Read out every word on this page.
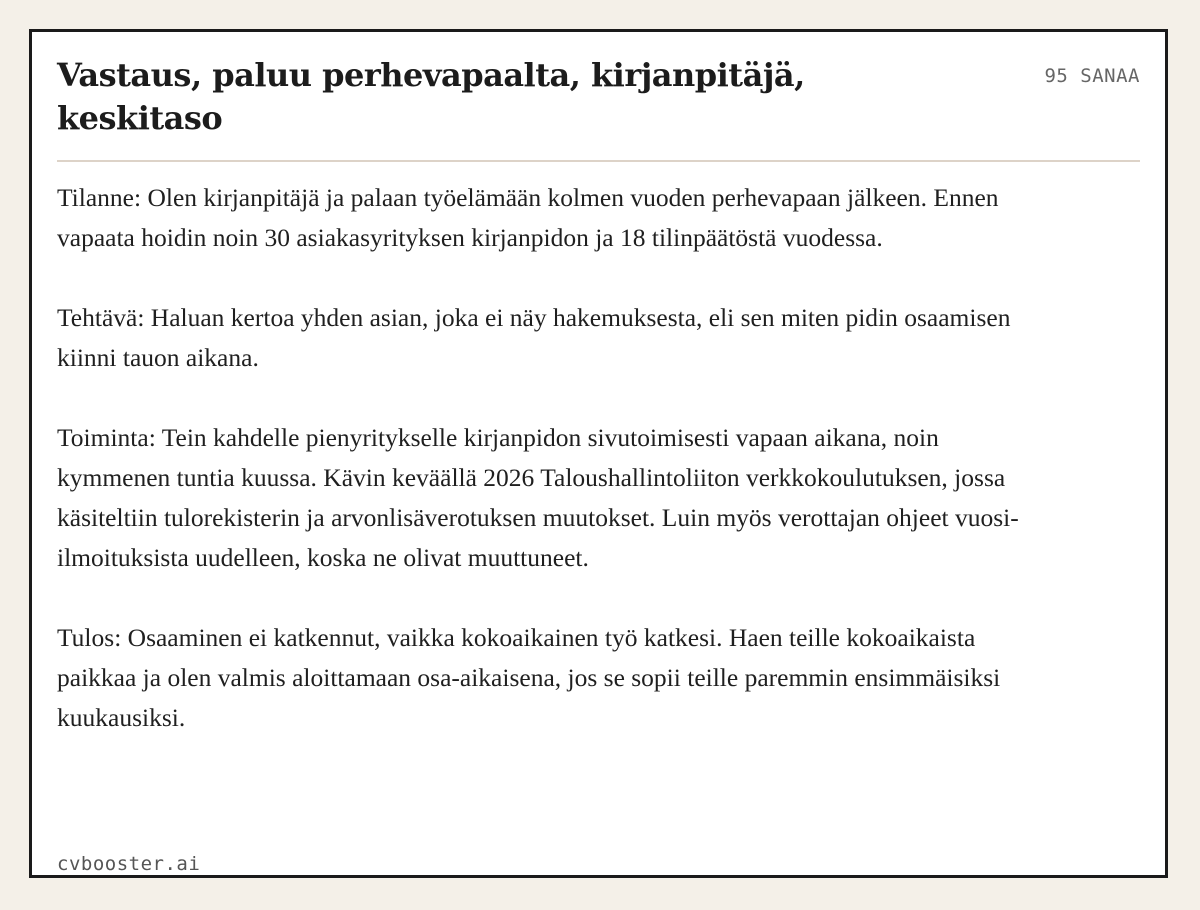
Vastaus, paluu perhevapaalta, kirjanpitäjä, keskitaso
95 SANAA

Tilanne: Olen kirjanpitäjä ja palaan työelämään kolmen vuoden perhevapaan jälkeen. Ennen vapaata hoidin noin 30 asiakasyrityksen kirjanpidon ja 18 tilinpäätöstä vuodessa.

Tehtävä: Haluan kertoa yhden asian, joka ei näy hakemuksesta, eli sen miten pidin osaamisen kiinni tauon aikana.

Toiminta: Tein kahdelle pienyritykselle kirjanpidon sivutoimisesti vapaan aikana, noin kymmenen tuntia kuussa. Kävin keväällä 2026 Taloushallintoliiton verkkokoulutuksen, jossa käsiteltiin tulorekisterin ja arvonlisäverotuksen muutokset. Luin myös verottajan ohjeet vuosi-ilmoituksista uudelleen, koska ne olivat muuttuneet.

Tulos: Osaaminen ei katkennut, vaikka kokoaikainen työ katkesi. Haen teille kokoaikaista paikkaa ja olen valmis aloittamaan osa-aikaisena, jos se sopii teille paremmin ensimmäisiksi kuukausiksi.

cvbooster.ai
